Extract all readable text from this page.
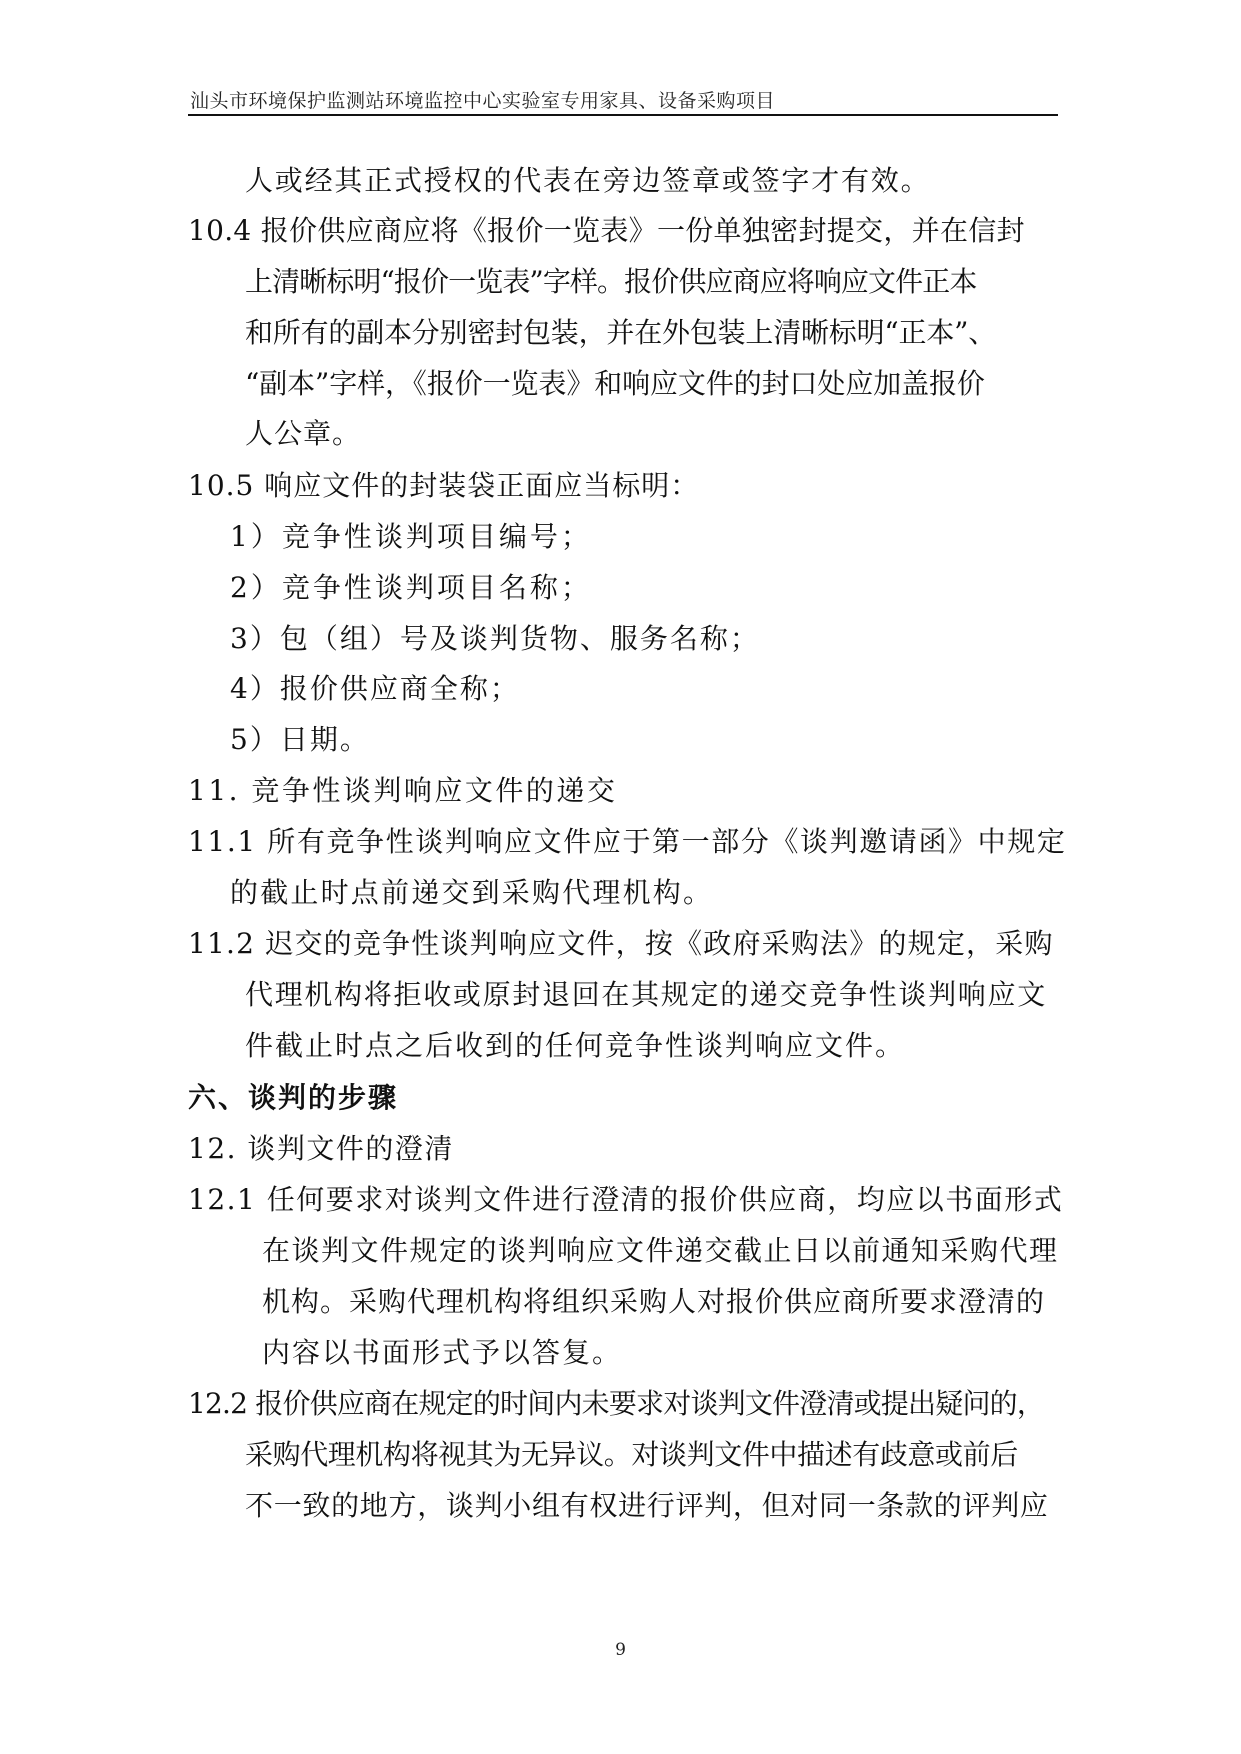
汕头市环境保护监测站环境监控中心实验室专用家具、设备采购项目
人或经其正式授权的代表在旁边签章或签字才有效。
10.4 报价供应商应将《报价一览表》一份单独密封提交，并在信封
上清晰标明“报价一览表”字样。报价供应商应将响应文件正本
和所有的副本分别密封包装，并在外包装上清晰标明“正本”、
“副本”字样，《报价一览表》和响应文件的封口处应加盖报价
人公章。
10.5 响应文件的封装袋正面应当标明：
1）竞争性谈判项目编号；
2）竞争性谈判项目名称；
3）包（组）号及谈判货物、服务名称；
4）报价供应商全称；
5）日期。
11. 竞争性谈判响应文件的递交
11.1 所有竞争性谈判响应文件应于第一部分《谈判邀请函》中规定
的截止时点前递交到采购代理机构。
11.2 迟交的竞争性谈判响应文件，按《政府采购法》的规定，采购
代理机构将拒收或原封退回在其规定的递交竞争性谈判响应文
件截止时点之后收到的任何竞争性谈判响应文件。
六、谈判的步骤
12. 谈判文件的澄清
12.1 任何要求对谈判文件进行澄清的报价供应商，均应以书面形式
在谈判文件规定的谈判响应文件递交截止日以前通知采购代理
机构。采购代理机构将组织采购人对报价供应商所要求澄清的
内容以书面形式予以答复。
12.2 报价供应商在规定的时间内未要求对谈判文件澄清或提出疑问的，
采购代理机构将视其为无异议。对谈判文件中描述有歧意或前后
不一致的地方，谈判小组有权进行评判，但对同一条款的评判应
9
